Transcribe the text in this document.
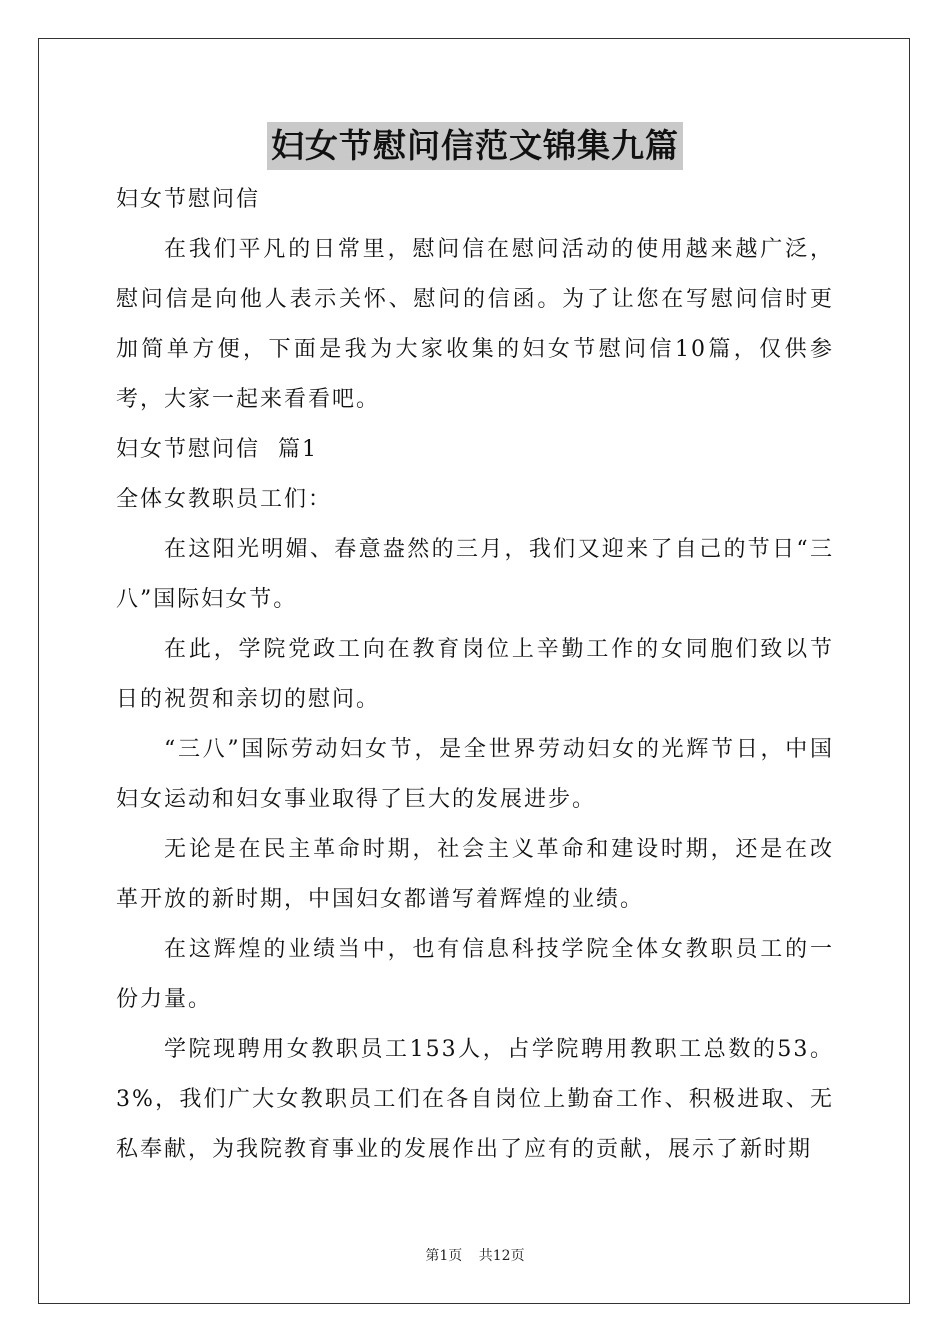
妇女节慰问信范文锦集九篇
妇女节慰问信

在我们平凡的日常里，慰问信在慰问活动的使用越来越广泛，慰问信是向他人表示关怀、慰问的信函。为了让您在写慰问信时更加简单方便，下面是我为大家收集的妇女节慰问信10篇，仅供参考，大家一起来看看吧。

妇女节慰问信  篇1
全体女教职员工们：

在这阳光明媚、春意盎然的三月，我们又迎来了自己的节日“三八”国际妇女节。

在此，学院党政工向在教育岗位上辛勤工作的女同胞们致以节日的祝贺和亲切的慰问。

“三八”国际劳动妇女节，是全世界劳动妇女的光辉节日，中国妇女运动和妇女事业取得了巨大的发展进步。

无论是在民主革命时期，社会主义革命和建设时期，还是在改革开放的新时期，中国妇女都谱写着辉煌的业绩。

在这辉煌的业绩当中，也有信息科技学院全体女教职员工的一份力量。

学院现聘用女教职员工153人，占学院聘用教职工总数的53。3%，我们广大女教职员工们在各自岗位上勤奋工作、积极进取、无私奉献，为我院教育事业的发展作出了应有的贡献，展示了新时期

第1页 共12页
